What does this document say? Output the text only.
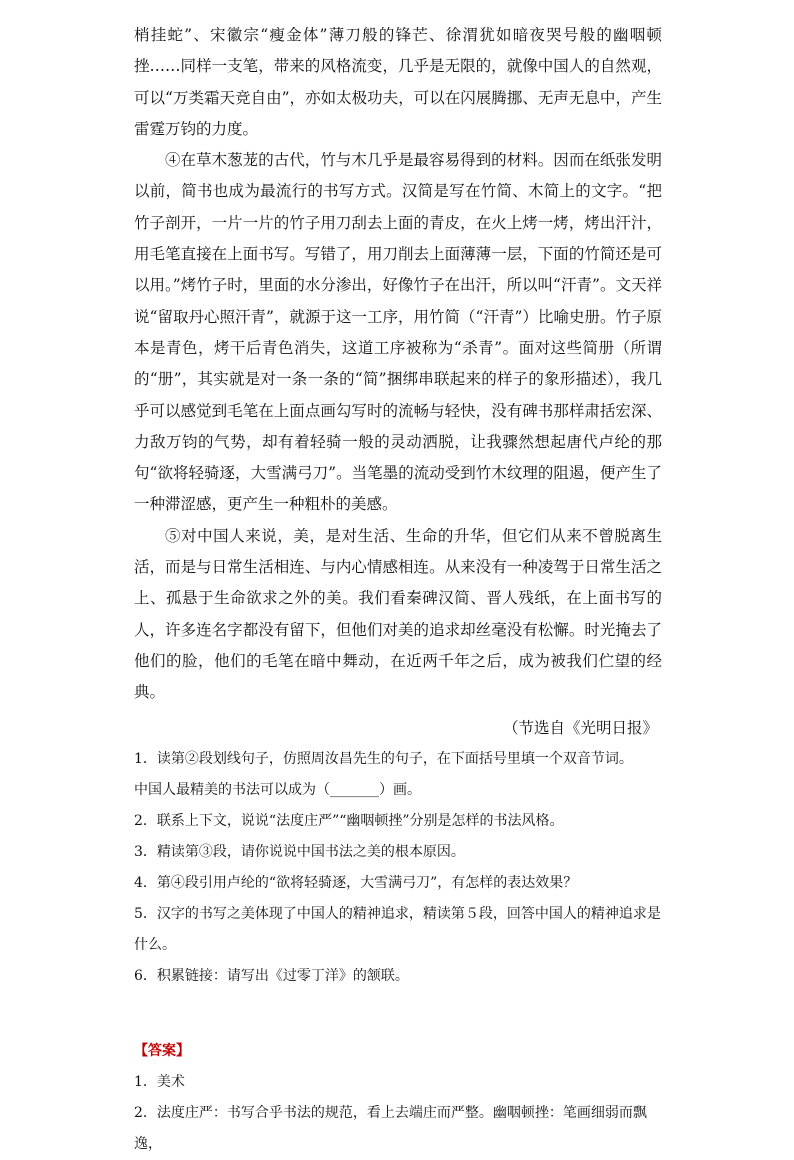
梢挂蛇”、宋徽宗“瘦金体”薄刀般的锋芒、徐渭犹如暗夜哭号般的幽咽顿挫……同样一支笔，带来的风格流变，几乎是无限的，就像中国人的自然观，可以“万类霜天竞自由”，亦如太极功夫，可以在闪展腾挪、无声无息中，产生雷霆万钧的力度。

④在草木葱茏的古代，竹与木几乎是最容易得到的材料。因而在纸张发明以前，简书也成为最流行的书写方式。汉简是写在竹简、木简上的文字。“把竹子剖开，一片一片的竹子用刀刮去上面的青皮，在火上烤一烤，烤出汗汁，用毛笔直接在上面书写。写错了，用刀削去上面薄薄一层，下面的竹简还是可以用。”烤竹子时，里面的水分渗出，好像竹子在出汗，所以叫“汗青”。文天祥说“留取丹心照汗青”，就源于这一工序，用竹简（“汗青”）比喻史册。竹子原本是青色，烤干后青色消失，这道工序被称为“杀青”。面对这些简册（所谓的“册”，其实就是对一条一条的“简”捆绑串联起来的样子的象形描述），我几乎可以感觉到毛笔在上面点画勾写时的流畅与轻快，没有碑书那样肃括宏深、力敌万钧的气势，却有着轻骑一般的灵动洒脱，让我骤然想起唐代卢纶的那句“欲将轻骑逐，大雪满弓刀”。当笔墨的流动受到竹木纹理的阻遏，便产生了一种滞涩感，更产生一种粗朴的美感。

⑤对中国人来说，美，是对生活、生命的升华，但它们从来不曾脱离生活，而是与日常生活相连、与内心情感相连。从来没有一种凌驾于日常生活之上、孤悬于生命欲求之外的美。我们看秦碑汉简、晋人残纸，在上面书写的人，许多连名字都没有留下，但他们对美的追求却丝毫没有松懈。时光掩去了他们的脸，他们的毛笔在暗中舞动，在近两千年之后，成为被我们伫望的经典。

（节选自《光明日报》

1．读第②段划线句子，仿照周汝昌先生的句子，在下面括号里填一个双音节词。

中国人最精美的书法可以成为（_______）画。

2．联系上下文，说说“法度庄严”“幽咽顿挫”分别是怎样的书法风格。

3．精读第③段，请你说说中国书法之美的根本原因。

4．第④段引用卢纶的“欲将轻骑逐，大雪满弓刀”，有怎样的表达效果？

5．汉字的书写之美体现了中国人的精神追求，精读第５段，回答中国人的精神追求是什么。

6．积累链接：请写出《过零丁洋》的颔联。

【答案】

1．美术

2．法度庄严：书写合乎书法的规范，看上去端庄而严整。幽咽顿挫：笔画细弱而飘逸，
